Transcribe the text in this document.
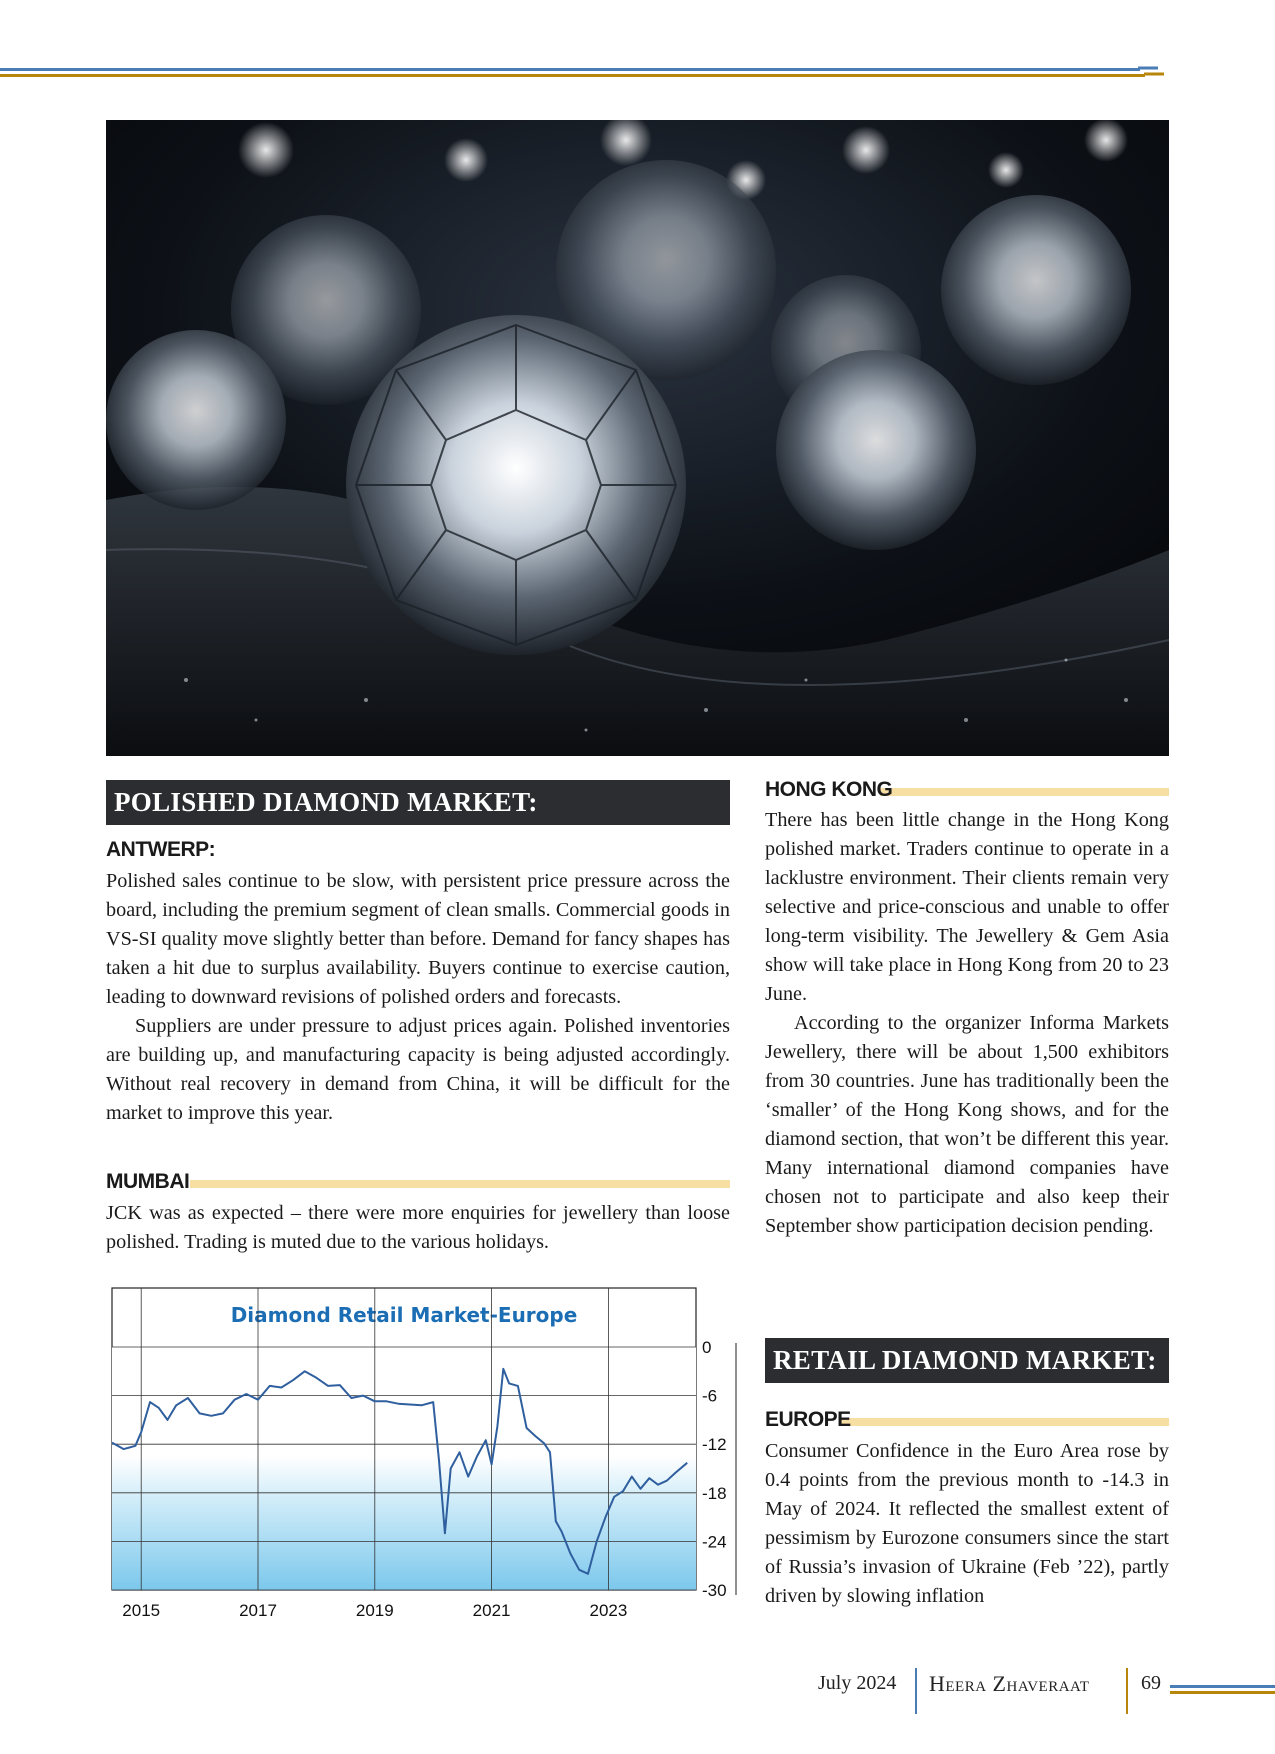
POLISHED DIAMOND MARKET:
ANTWERP:

Polished sales continue to be slow, with persistent price pressure across the board, including the premium segment of clean smalls. Commercial goods in VS-SI quality move slightly better than before. Demand for fancy shapes has taken a hit due to surplus availability. Buyers continue to exercise caution, leading to downward revisions of polished orders and forecasts.

Suppliers are under pressure to adjust prices again. Polished inventories are building up, and manufacturing capacity is being adjusted accordingly. Without real recovery in demand from China, it will be difficult for the market to improve this year.

MUMBAI

JCK was as expected – there were more enquiries for jewellery than loose polished. Trading is muted due to the various holidays.

Diamond Retail Market-Europe
0
-6
-12
-18
-24
-30
2015	2017	2019	2021	2023
HONG KONG

There has been little change in the Hong Kong polished market. Traders continue to operate in a lacklustre environment. Their clients remain very selective and price-conscious and unable to offer long-term visibility. The Jewellery & Gem Asia show will take place in Hong Kong from 20 to 23 June.

According to the organizer Informa Markets Jewellery, there will be about 1,500 exhibitors from 30 countries. June has traditionally been the ‘smaller’ of the Hong Kong shows, and for the diamond section, that won’t be different this year. Many international diamond companies have chosen not to participate and also keep their September show participation decision pending.

RETAIL DIAMOND MARKET:
EUROPE

Consumer Confidence in the Euro Area rose by 0.4 points from the previous month to -14.3 in May of 2024. It reflected the smallest extent of pessimism by Eurozone consumers since the start of Russia’s invasion of Ukraine (Feb ’22), partly driven by slowing inflation

July 2024 Heera Zhaveraat	69
